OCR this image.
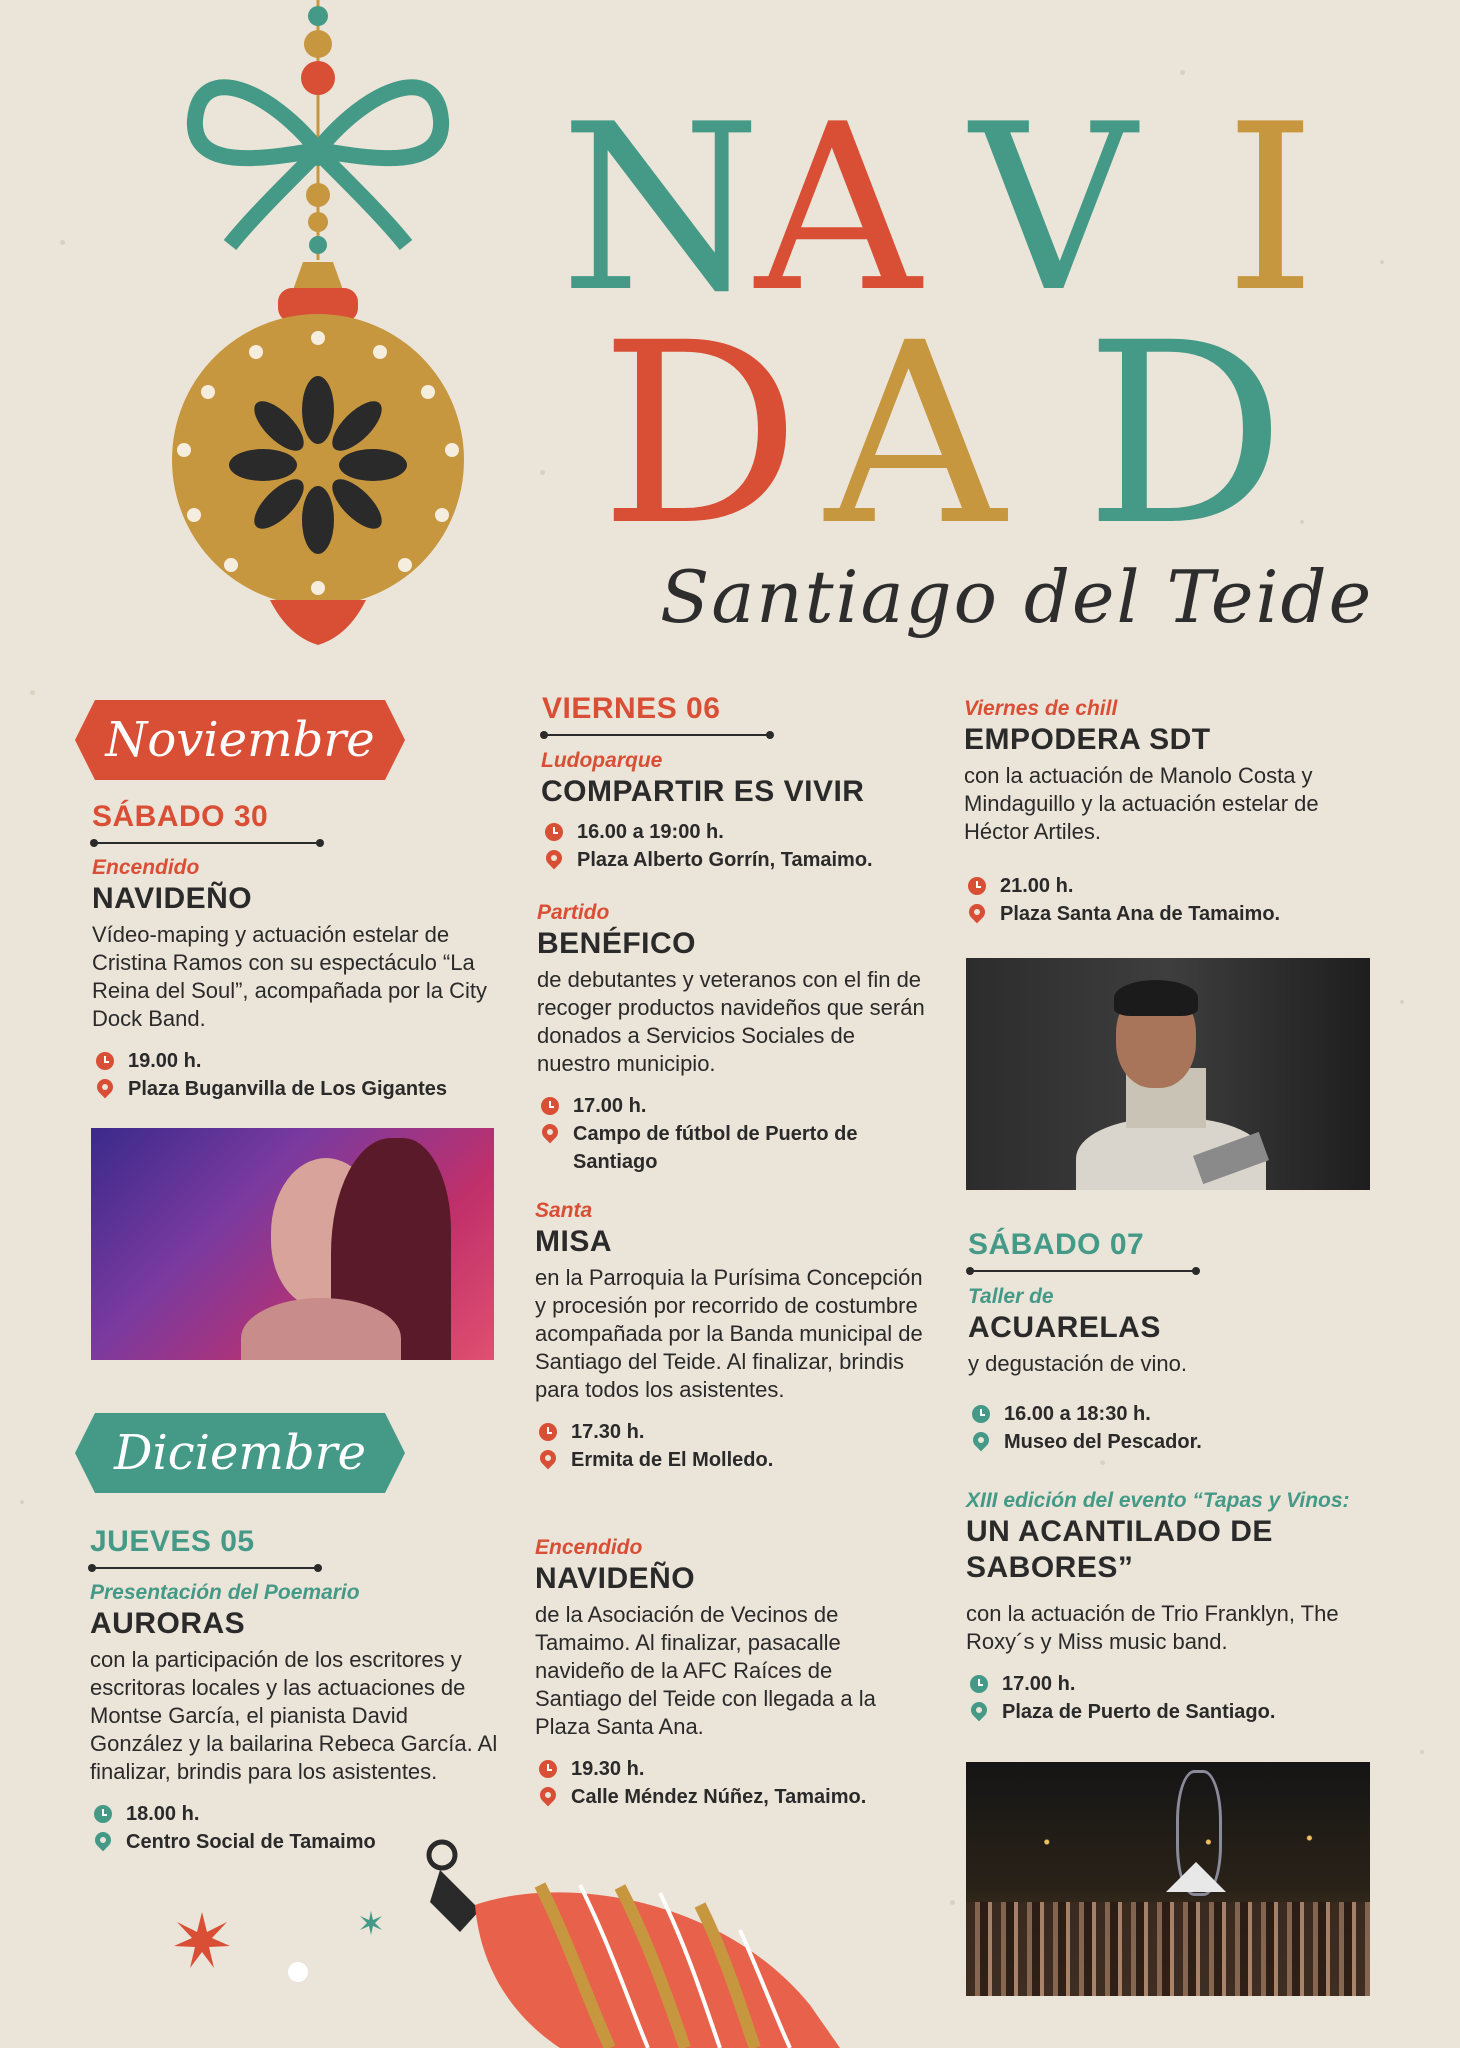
N
A V I
D A D
Santiago del Teide
Noviembre
SÁBADO 30
Encendido
NAVIDEÑO
Vídeo-maping y actuación estelar de Cristina Ramos con su espectáculo “La Reina del Soul”, acompañada por la City Dock Band.
19.00 h.
Plaza Buganvilla de Los Gigantes
Diciembre
JUEVES 05
Presentación del Poemario
AURORAS
con la participación de los escritores y escritoras locales y las actuaciones de Montse García, el pianista David González y la bailarina Rebeca García. Al finalizar, brindis para los asistentes.
18.00 h.
Centro Social de Tamaimo
VIERNES 06
Ludoparque
COMPARTIR ES VIVIR
16.00 a 19:00 h.
Plaza Alberto Gorrín, Tamaimo.
Partido
BENÉFICO
de debutantes y veteranos con el fin de recoger productos navideños que serán donados a Servicios Sociales de nuestro municipio.
17.00 h.
Campo de fútbol de Puerto de Santiago
Santa
MISA
en la Parroquia la Purísima Concepción y procesión por recorrido de costumbre acompañada por la Banda municipal de Santiago del Teide. Al finalizar, brindis para todos los asistentes.
17.30 h.
Ermita de El Molledo.
Encendido
NAVIDEÑO
de la Asociación de Vecinos de Tamaimo. Al finalizar, pasacalle navideño de la AFC Raíces de Santiago del Teide con llegada a la Plaza Santa Ana.
19.30 h.
Calle Méndez Núñez, Tamaimo.
Viernes de chill
EMPODERA SDT
con la actuación de Manolo Costa y Mindaguillo y la actuación estelar de Héctor Artiles.
21.00 h.
Plaza Santa Ana de Tamaimo.
SÁBADO 07
Taller de
ACUARELAS
y degustación de vino.
16.00 a 18:30 h.
Museo del Pescador.
XIII edición del evento “Tapas y Vinos:
UN ACANTILADO DE SABORES”
con la actuación de Trio Franklyn, The Roxy´s y Miss music band.
17.00 h.
Plaza de Puerto de Santiago.
